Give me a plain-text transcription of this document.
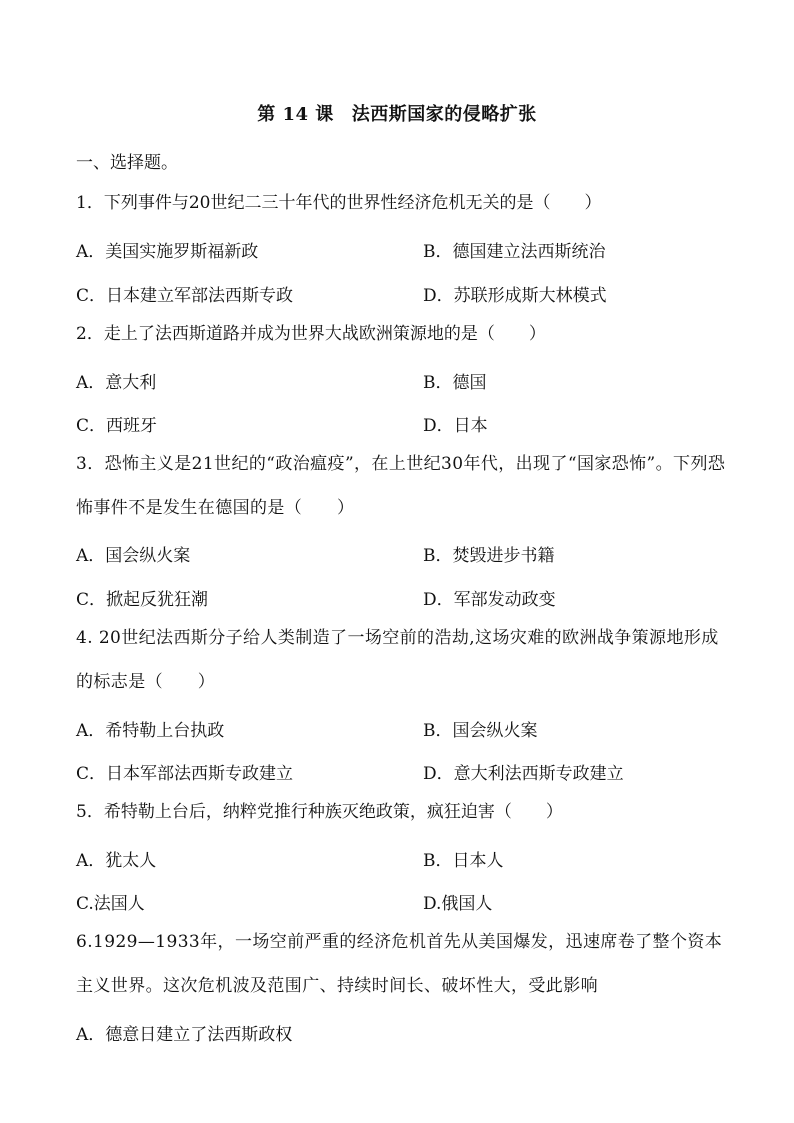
第 14 课 法西斯国家的侵略扩张
一、选择题。
1．下列事件与20世纪二三十年代的世界性经济危机无关的是（　　）
A．美国实施罗斯福新政	B．德国建立法西斯统治
C．日本建立军部法西斯专政	D．苏联形成斯大林模式
2．走上了法西斯道路并成为世界大战欧洲策源地的是（　　）
A．意大利	B．德国
C．西班牙	D．日本
3．恐怖主义是21世纪的“政治瘟疫”，在上世纪30年代，出现了“国家恐怖”。下列恐怖事件不是发生在德国的是（　　）
A．国会纵火案	B．焚毁进步书籍
C．掀起反犹狂潮	D．军部发动政变
4. 20世纪法西斯分子给人类制造了一场空前的浩劫,这场灾难的欧洲战争策源地形成的标志是（　　）
A．希特勒上台执政	B．国会纵火案
C．日本军部法西斯专政建立	D．意大利法西斯专政建立
5．希特勒上台后，纳粹党推行种族灭绝政策，疯狂迫害（　　）
A．犹太人	B．日本人
C.法国人	D.俄国人
6.1929—1933年，一场空前严重的经济危机首先从美国爆发，迅速席卷了整个资本主义世界。这次危机波及范围广、持续时间长、破坏性大，受此影响
A．德意日建立了法西斯政权
